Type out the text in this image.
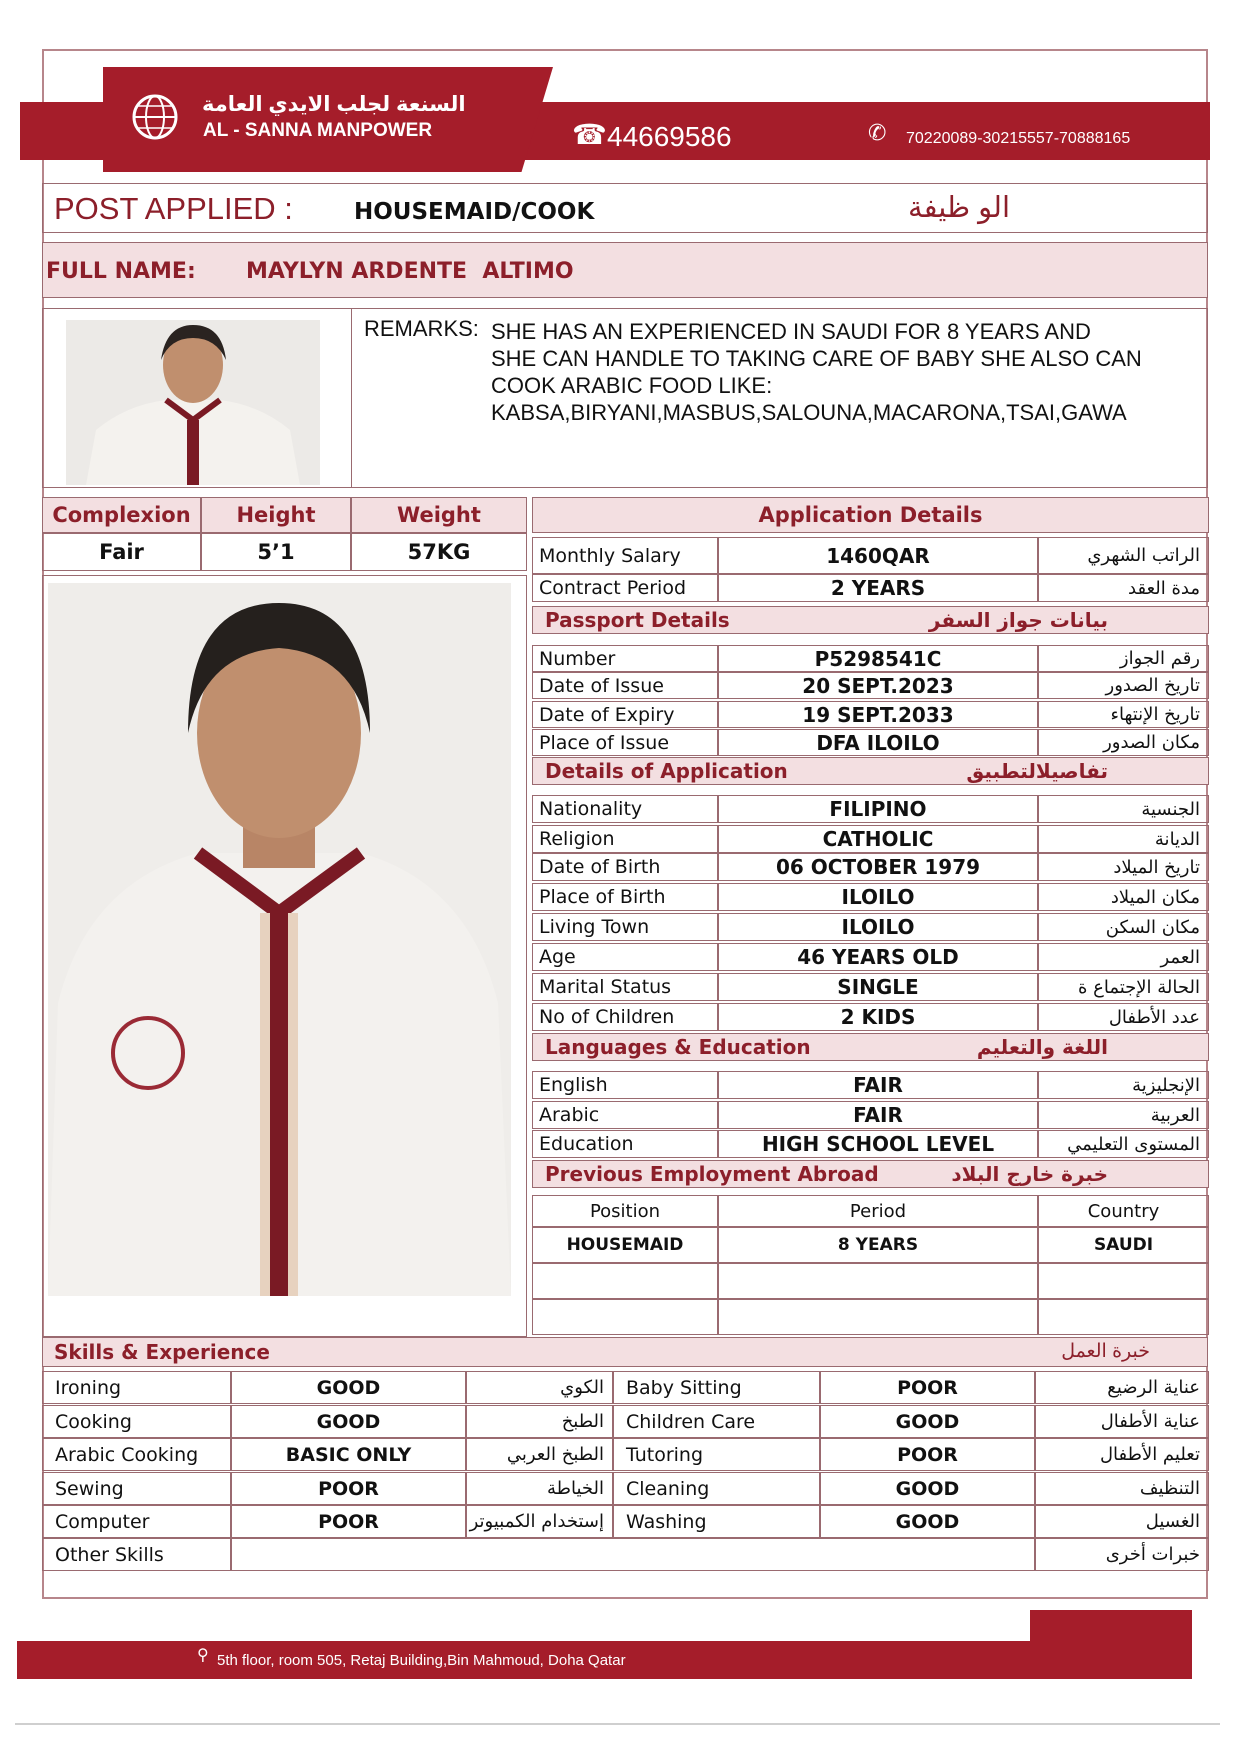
السنعة لجلب الايدي العامة
AL - SANNA MANPOWER	☎ 44669586	✆ 70220089-30215557-70888165
POST APPLIED :	HOUSEMAID/COOK	الو ظيفة
FULL NAME: MAYLYN ARDENTE  ALTIMO
REMARKS: SHE HAS AN EXPERIENCED IN SAUDI FOR 8 YEARS AND
SHE CAN HANDLE TO TAKING CARE OF BABY SHE ALSO CAN
COOK ARABIC FOOD LIKE:
KABSA,BIRYANI,MASBUS,SALOUNA,MACARONA,TSAI,GAWA
Complexion	Height	Weight
Fair	5’1	57KG
Application Details
Monthly Salary	1460QAR	الراتب الشهري
Contract Period	2 YEARS	مدة العقد
Passport Details	بيانات جواز السفر
Number	P5298541C	رقم الجواز
Date of Issue	20 SEPT.2023	تاريخ الصدور
Date of Expiry	19 SEPT.2033	تاريخ الإنتهاء
Place of Issue	DFA ILOILO	مكان الصدور
Details of Application	تفاصيلالتطبيق
Nationality	FILIPINO	الجنسية
Religion	CATHOLIC	الديانة
Date of Birth	06 OCTOBER 1979	تاريخ الميلاد
Place of Birth	ILOILO	مكان الميلاد
Living Town	ILOILO	مكان السكن
Age	46 YEARS OLD	العمر
Marital Status	SINGLE	الحالة الإجتماع ة
No of Children	2 KIDS	عدد الأطفال
Languages & Education	اللغة والتعليم
English	FAIR	الإنجليزية
Arabic	FAIR	العربية
Education	HIGH SCHOOL LEVEL	المستوى التعليمي
Previous Employment Abroad	خبرة خارج البلاد
Position	Period	Country
HOUSEMAID	8 YEARS	SAUDI
Skills & Experience	خبرة العمل
Ironing	GOOD	الكوي	Baby Sitting	POOR	عناية الرضيع
Cooking	GOOD	الطبخ	Children Care	GOOD	عناية الأطفال
Arabic Cooking	BASIC ONLY	الطبخ العربي	Tutoring	POOR	تعليم الأطفال
Sewing	POOR	الخياطة	Cleaning	GOOD	التنظيف
Computer	POOR	إستخدام الكمبيوتر	Washing	GOOD	الغسيل
Other Skills	خبرات أخرى
⚲ 5th floor, room 505, Retaj Building,Bin Mahmoud, Doha Qatar
